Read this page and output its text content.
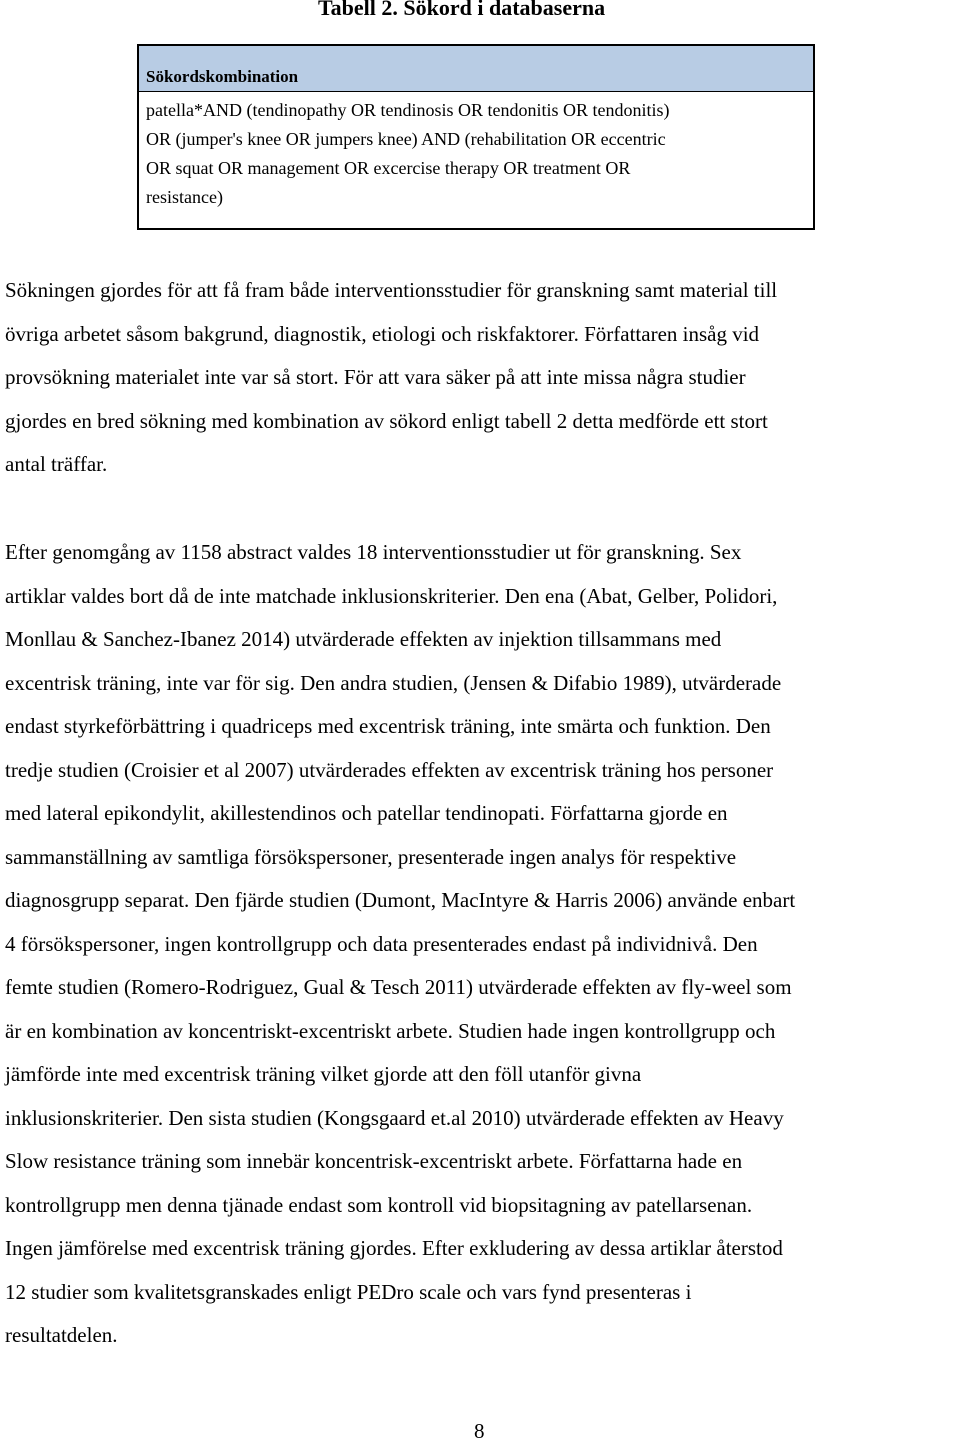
Tabell 2. Sökord i databaserna
Sökordskombination
patella*AND (tendinopathy OR tendinosis OR tendonitis OR tendonitis)
OR (jumper's knee OR jumpers knee) AND (rehabilitation OR eccentric
OR squat OR management OR excercise therapy OR treatment OR
resistance)
Sökningen gjordes för att få fram både interventionsstudier för granskning samt material till
övriga arbetet såsom bakgrund, diagnostik, etiologi och riskfaktorer. Författaren insåg vid
provsökning materialet inte var så stort. För att vara säker på att inte missa några studier
gjordes en bred sökning med kombination av sökord enligt tabell 2 detta medförde ett stort
antal träffar.
Efter genomgång av 1158 abstract valdes 18 interventionsstudier ut för granskning. Sex
artiklar valdes bort då de inte matchade inklusionskriterier. Den ena (Abat, Gelber, Polidori,
Monllau & Sanchez-Ibanez 2014) utvärderade effekten av injektion tillsammans med
excentrisk träning, inte var för sig. Den andra studien, (Jensen & Difabio 1989), utvärderade
endast styrkeförbättring i quadriceps med excentrisk träning, inte smärta och funktion. Den
tredje studien (Croisier et al 2007) utvärderades effekten av excentrisk träning hos personer
med lateral epikondylit, akillestendinos och patellar tendinopati. Författarna gjorde en
sammanställning av samtliga försökspersoner, presenterade ingen analys för respektive
diagnosgrupp separat. Den fjärde studien (Dumont, MacIntyre & Harris 2006) använde enbart
4 försökspersoner, ingen kontrollgrupp och data presenterades endast på individnivå. Den
femte studien (Romero-Rodriguez, Gual & Tesch 2011) utvärderade effekten av fly-weel som
är en kombination av koncentriskt-excentriskt arbete. Studien hade ingen kontrollgrupp och
jämförde inte med excentrisk träning vilket gjorde att den föll utanför givna
inklusionskriterier. Den sista studien (Kongsgaard et.al 2010) utvärderade effekten av Heavy
Slow resistance träning som innebär koncentrisk-excentriskt arbete. Författarna hade en
kontrollgrupp men denna tjänade endast som kontroll vid biopsitagning av patellarsenan.
Ingen jämförelse med excentrisk träning gjordes. Efter exkludering av dessa artiklar återstod
12 studier som kvalitetsgranskades enligt PEDro scale och vars fynd presenteras i
resultatdelen.
8
